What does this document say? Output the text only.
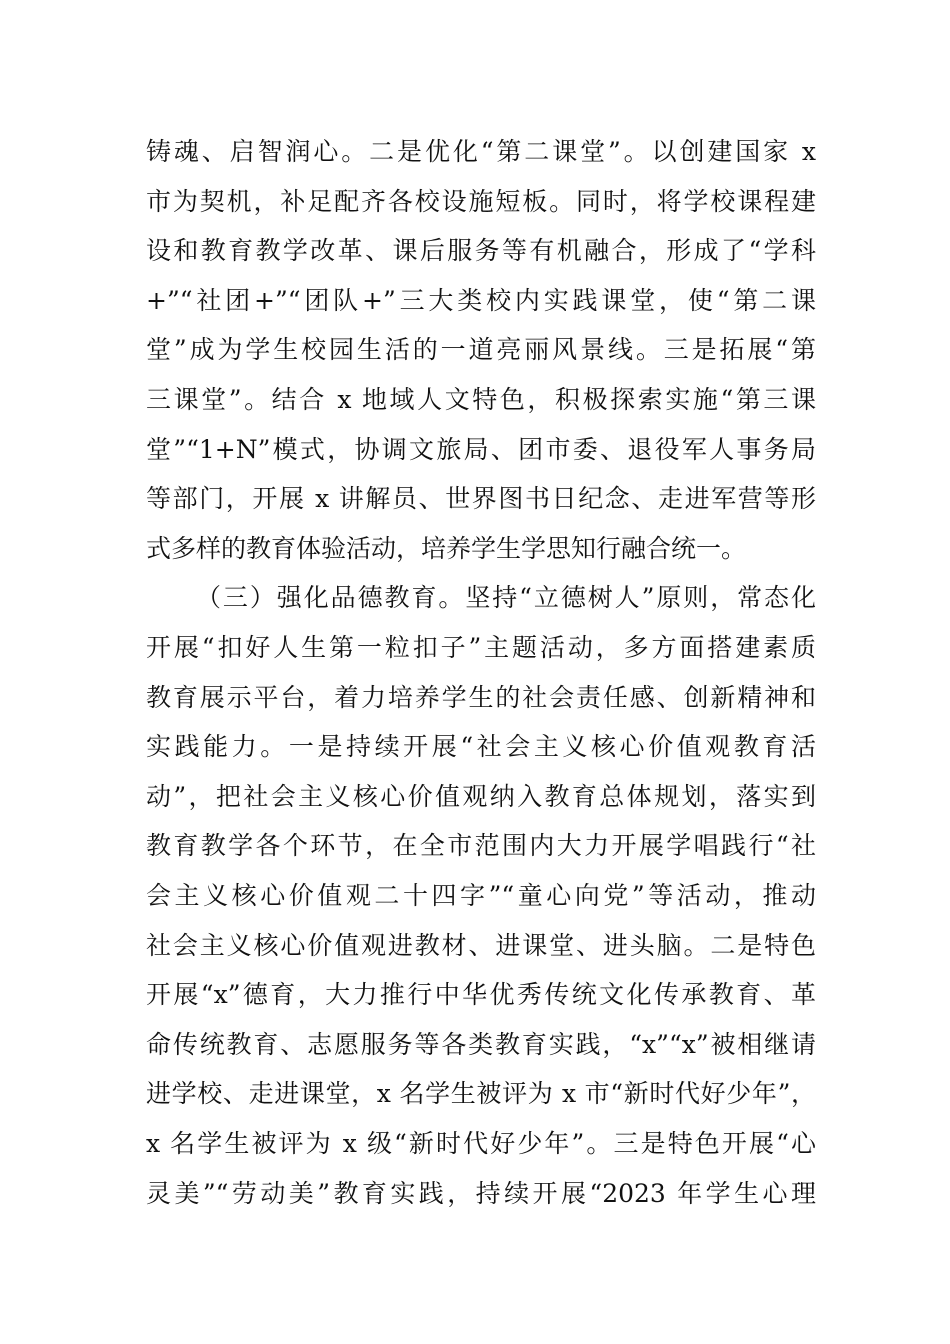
铸魂、启智润心。二是优化“第二课堂”。以创建国家 x
市为契机，补足配齐各校设施短板。同时，将学校课程建
设和教育教学改革、课后服务等有机融合，形成了“学科
+”“社团+”“团队+”三大类校内实践课堂，使“第二课
堂”成为学生校园生活的一道亮丽风景线。三是拓展“第
三课堂”。结合 x 地域人文特色，积极探索实施“第三课
堂”“1+N”模式，协调文旅局、团市委、退役军人事务局
等部门，开展 x 讲解员、世界图书日纪念、走进军营等形
式多样的教育体验活动，培养学生学思知行融合统一。
（三）强化品德教育。坚持“立德树人”原则，常态化
开展“扣好人生第一粒扣子”主题活动，多方面搭建素质
教育展示平台，着力培养学生的社会责任感、创新精神和
实践能力。一是持续开展“社会主义核心价值观教育活
动”，把社会主义核心价值观纳入教育总体规划，落实到
教育教学各个环节，在全市范围内大力开展学唱践行“社
会主义核心价值观二十四字”“童心向党”等活动，推动
社会主义核心价值观进教材、进课堂、进头脑。二是特色
开展“x”德育，大力推行中华优秀传统文化传承教育、革
命传统教育、志愿服务等各类教育实践，“x”“x”被相继请
进学校、走进课堂，x 名学生被评为 x 市“新时代好少年”，
x 名学生被评为 x 级“新时代好少年”。三是特色开展“心
灵美”“劳动美”教育实践，持续开展“2023 年学生心理
